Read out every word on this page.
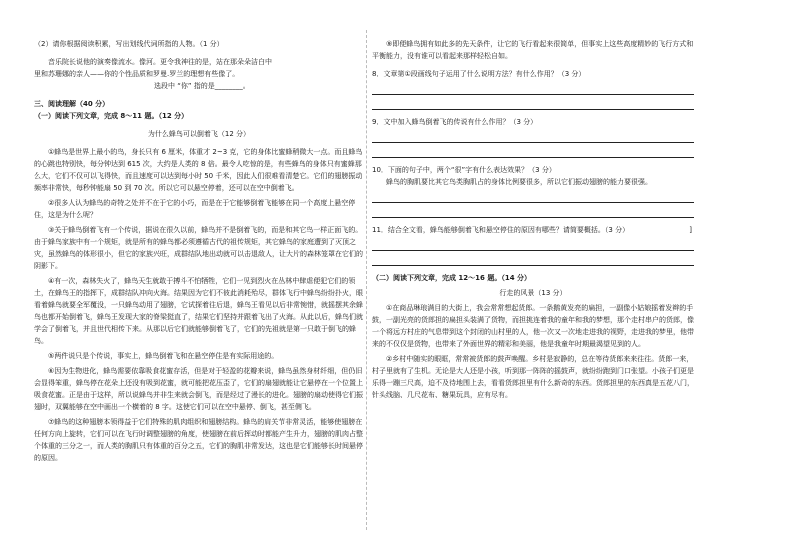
（2）请你根据阅读积累，写出划线代词所指的人物。（1 分）

音乐院长说他的演奏像流水。像河。更令我神往的是，站在那朵朵洁白中

里和苏珊娜的亲人——你的个性品质和罗曼.罗兰的理想有些像了。

选段中 “你” 指的是________。

三、阅读理解（40 分）

（一）阅读下列文章，完成 8～11 题。（12 分）

为什么蜂鸟可以倒着飞（12 分）

①蜂鸟是世界上最小的鸟，身长只有 6 厘米，体重才 2~3 克，它的身体比蜜蜂稍微大一点。而且蜂鸟的心跳也特别快，每分钟达到 615 次，大约是人类的 8 倍。最令人吃惊的是，有些蜂鸟的身体只有蜜蜂那么大，它们不仅可以飞得快，而且速度可以达到每小时 50 千米，因此人们很难看清楚它。它们的翅膀振动频率非常快，每秒钟能扇 50 到 70 次。所以它可以悬空停着，还可以在空中倒着飞。

②很多人认为蜂鸟的奇特之处并不在于它的小巧，而是在于它能够倒着飞能够在同一个高度上悬空停住，这是为什么呢？

③关于蜂鸟倒着飞有一个传说，据说在很久以前，蜂鸟并不是倒着飞的，而是和其它鸟一样正面飞的。由于蜂鸟家族中有一个规矩，就是所有的蜂鸟都必须遵循古代的祖传规矩，其它蜂鸟的家庭遭到了灭顶之灾，虽然蜂鸟的体形很小，但它的家族兴旺，成群结队地出动就可以击退敌人，让大片的森林笼罩在它们的阴影下。

④有一次，森林失火了，蜂鸟天生就敢于搏斗不怕牺牲，它们一见到烈火在丛林中肆虐便犯它们的领土，在蜂鸟王的指挥下，成群结队冲向火海。结果因为它们不彼此消耗殆尽，群体飞行中蜂鸟纷纷扑火，眼看着蜂鸟就要全军覆没，一只蜂鸟动用了翅膀，它试探着往后退，蜂鸟王看见以后非常惋惜，就摇摆其余蜂鸟也都开始倒着飞，蜂鸟王发现大家的脊梁挺直了，结果它们坚持并跟着飞出了火海。从此以后，蜂鸟们就学会了倒着飞，并且世代相传下来。从那以后它们就能够倒着飞了，它们的先祖就是第一只敢于倒飞的蜂鸟。

⑤两件说只是个传说，事实上，蜂鸟倒着飞和在悬空停住是有实际用途的。

⑥因为生物进化，蜂鸟需要依靠吸食花蜜存活，但是对于轻盈的花瓣来说，蜂鸟虽然身材纤细，但仍旧会显得笨重，蜂鸟停在花朵上还没有吸到花蜜，就可能把花压歪了，它们的扇翅就能让它悬停在一个位置上吸食花蜜。正是由于这样，所以说蜂鸟并非生来就会倒飞，而是经过了漫长的进化。翅膀的扇动使得它们振翅时，双翼能够在空中画出一个横着的 8 字。这使它们可以在空中悬停、倒飞，甚至侧飞。

⑦蜂鸟的这种翅膀本领得益于它们特殊的肌肉组织和翅膀结构。蜂鸟的肩关节非常灵活，能够使翅膀在任何方向上旋转，它们可以在飞行时调整翅膀的角度，使翅膀在前后挥动时都能产生升力，翅膀的肌肉占整个体重的三分之一，而人类的胸肌只有体重的百分之五，它们的胸肌非常发达，这也是它们能够长时间悬停的原因。

⑨即便蜂鸟拥有如此多的先天条件，让它的飞行看起来很简单，但事实上这些高度精妙的飞行方式和平衡能力，没有谁可以看起来那样轻松自如。

8．文章第①段画线句子运用了什么说明方法？有什么作用？（3 分）

9．文中加入蜂鸟倒着飞的传说有什么作用？（3 分）

10．下面的句子中，两个“很”字有什么表达效果？（3 分）

蜂鸟的胸肌要比其它鸟类胸肌占的身体比例要很多，所以它们振动翅膀的能力要很强。

11．结合全文看，蜂鸟能够倒着飞和悬空停住的原因有哪些？请简要概括。（3 分）	]

（二）阅读下列文章，完成 12～16 题。（14 分）

行走的风景（13 分）

①在商品琳琅满目的大街上，我会常常想起货郎。一条鹅黄发亮的扁担，一副像小姑娘摇着发辫的手鼓，一副光亮的货郎担的扁担头装满了货物，而担挑连着我的童年和我的梦想，那个走村串户的货郎，像一个将远方村庄的气息带到这个封闭的山村里的人，他一次又一次地走进我的视野，走进我的梦里，他带来的不仅仅是货物，也带来了外面世界的精彩和美丽，他是我童年时期最渴望见到的人。

②乡村中随实的眼眶，常常被货郎的鼓声唤醒。乡村是寂静的，总在等待货郎来来往往。货郎一来，村子里就有了生机。无论是大人还是小孩，听到那一阵阵的摇鼓声，就纷纷跑到门口张望。小孩子们更是乐得一蹦三尺高，迫不及待地围上去，看看货郎担里有什么新奇的东西。货郎担里的东西真是五花八门，针头线脑、几尺花布、糖果玩具，应有尽有。
